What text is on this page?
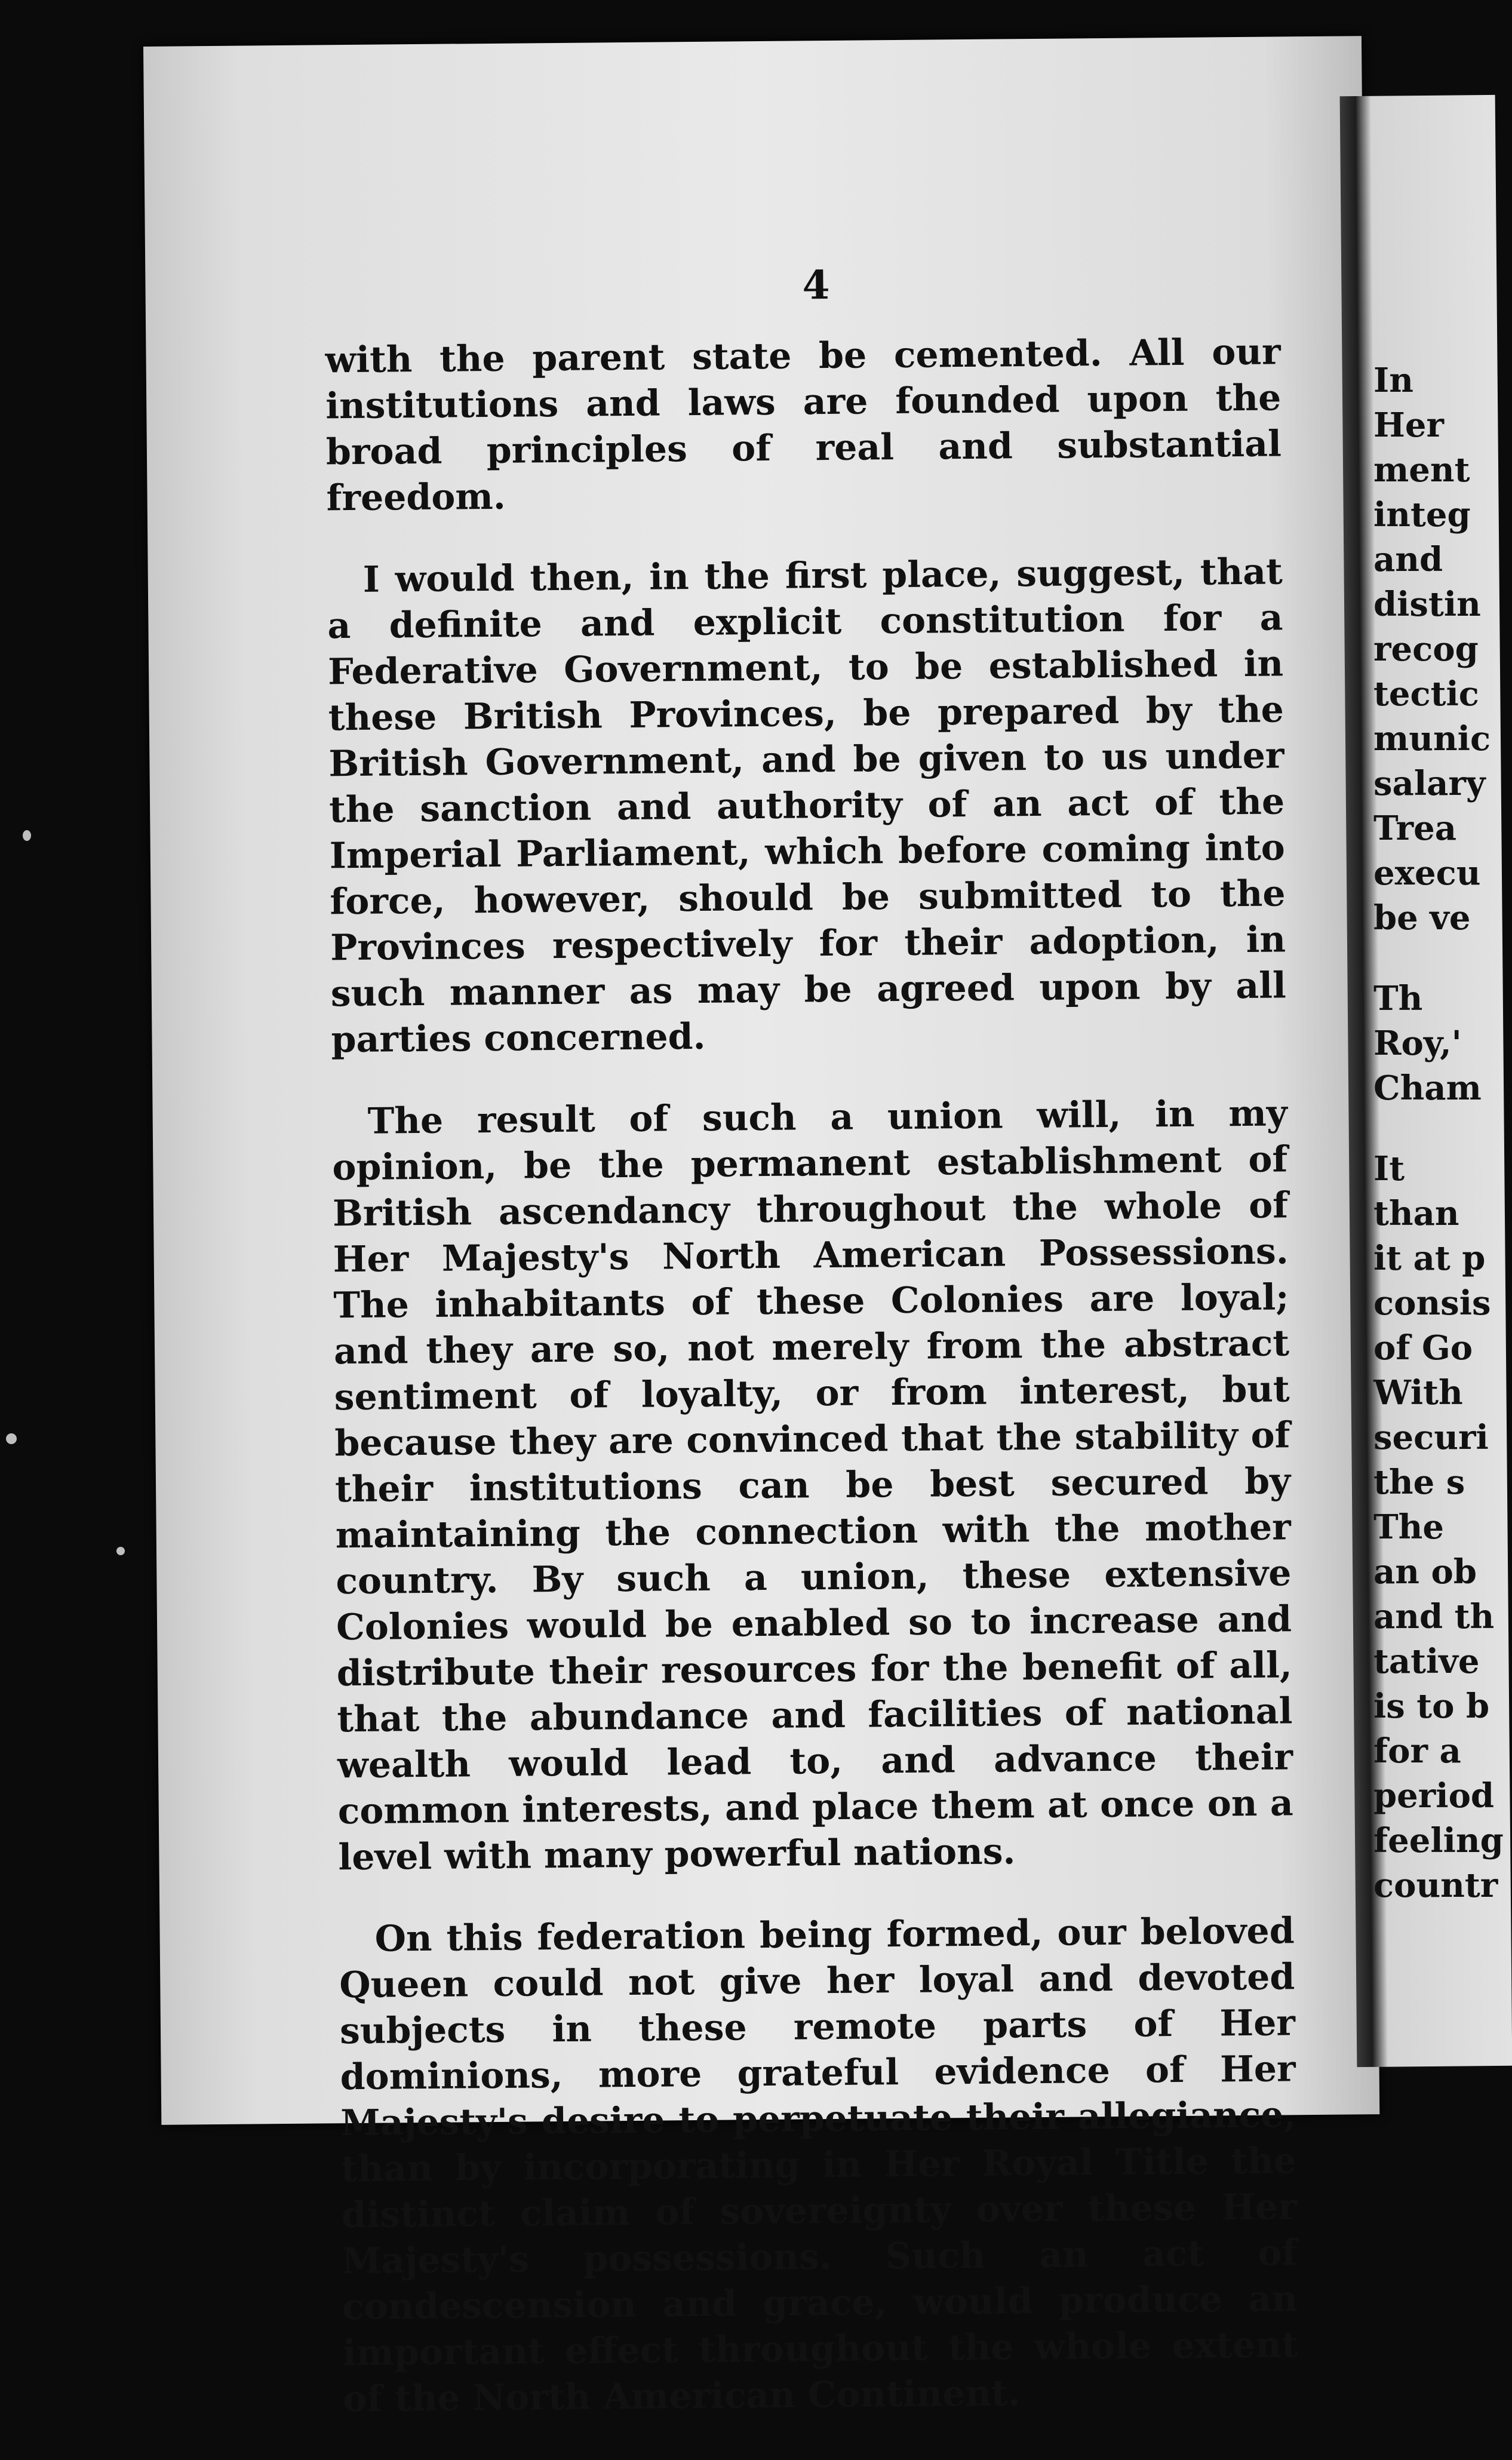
4

with the parent state be cemented. All our institutions and laws are founded upon the broad principles of real and substantial freedom.

I would then, in the first place, suggest, that a definite and explicit constitution for a Federative Government, to be established in these British Provinces, be prepared by the British Government, and be given to us under the sanction and authority of an act of the Imperial Parliament, which before coming into force, however, should be submitted to the Provinces respectively for their adoption, in such manner as may be agreed upon by all parties concerned.

The result of such a union will, in my opinion, be the permanent establishment of British ascendancy throughout the whole of Her Majesty's North American Possessions. The inhabitants of these Colonies are loyal; and they are so, not merely from the abstract sentiment of loyalty, or from interest, but because they are convinced that the stability of their institutions can be best secured by maintaining the connection with the mother country. By such a union, these extensive Colonies would be enabled so to increase and distribute their resources for the benefit of all, that the abundance and facilities of national wealth would lead to, and advance their common interests, and place them at once on a level with many powerful nations.

On this federation being formed, our beloved Queen could not give her loyal and devoted subjects in these remote parts of Her dominions, more grateful evidence of Her Majesty's desire to perpetuate their allegiance, than by incorporating in Her Royal Title the distinct claim of sovereignty over these Her Majesty's possessions. Such an act of condescension and grace, would produce an important effect throughout the whole extent of the North American Continent.

In
Her
ment
integ
and
distin
recog
tectic
munic
salary
Trea
execu
be ve
Th
Roy,'
Cham
It
than
it at p
consis
of Go
With
securi
the s
The
an ob
and th
tative
is to b
for a
period
feeling
countr
